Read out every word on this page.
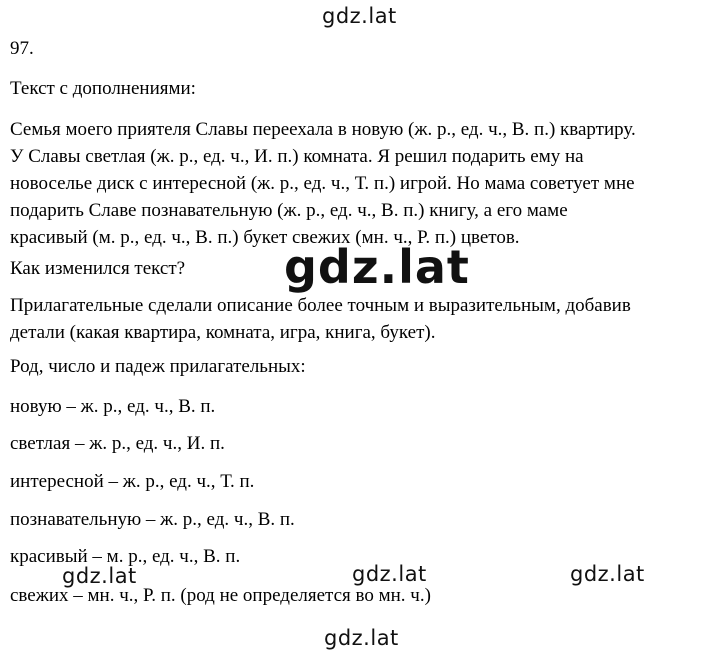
gdz.lat
97.
Текст с дополнениями:
Семья моего приятеля Славы переехала в новую (ж. р., ед. ч., В. п.) квартиру.
У Славы светлая (ж. р., ед. ч., И. п.) комната. Я решил подарить ему на
новоселье диск с интересной (ж. р., ед. ч., Т. п.) игрой. Но мама советует мне
подарить Славе познавательную (ж. р., ед. ч., В. п.) книгу, а его маме
красивый (м. р., ед. ч., В. п.) букет свежих (мн. ч., Р. п.) цветов.
Как изменился текст? gdz.lat
Прилагательные сделали описание более точным и выразительным, добавив
детали (какая квартира, комната, игра, книга, букет).
Род, число и падеж прилагательных:
новую – ж. р., ед. ч., В. п.
светлая – ж. р., ед. ч., И. п.
интересной – ж. р., ед. ч., Т. п.
познавательную – ж. р., ед. ч., В. п.
красивый – м. р., ед. ч., В. п.
свежих – мн. ч., Р. п. (род не определяется во мн. ч.)
gdz.lat	gdz.lat	gdz.lat
gdz.lat
